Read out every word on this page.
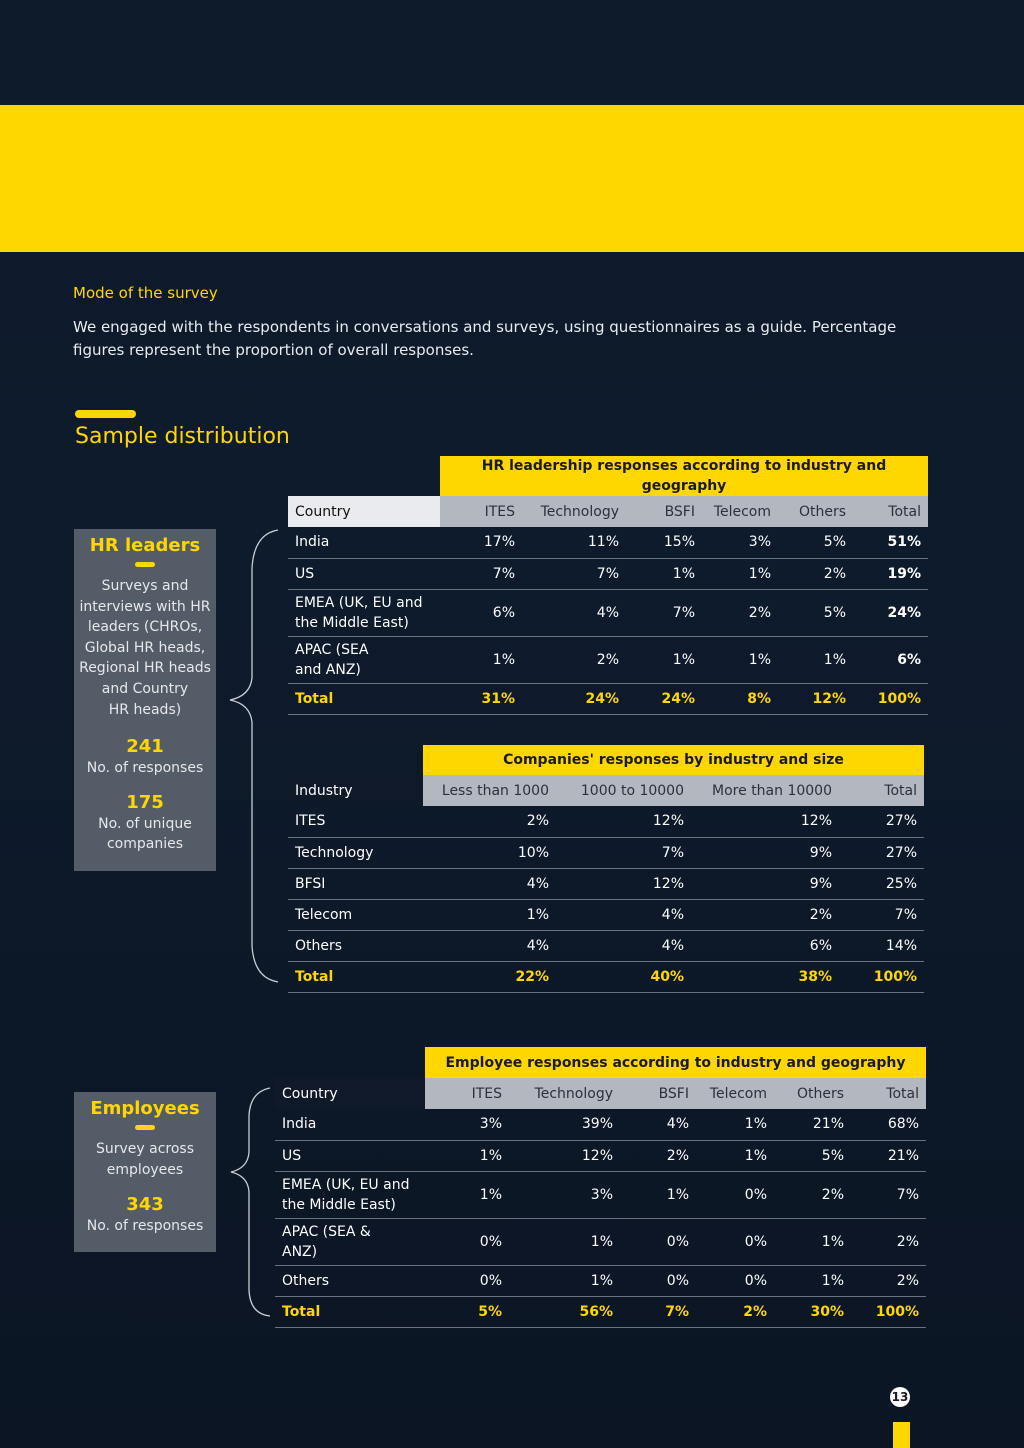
Mode of the survey
We engaged with the respondents in conversations and surveys, using questionnaires as a guide. Percentage figures represent the proportion of overall responses.
Sample distribution
HR leaders
Surveys and
interviews with HR
leaders (CHROs,
Global HR heads,
Regional HR heads
and Country
HR heads)
241
No. of responses
175
No. of unique
companies
Employees
Survey across
employees
343
No. of responses
	HR leadership responses according to industry and geography					
Country	ITES	Technology	BSFI	Telecom	Others	Total
India	17%	11%	15%	3%	5%	51%
US	7%	7%	1%	1%	2%	19%

EMEA (UK, EU and
the Middle East)	6%	4%	7%	2%	5%	24%

APAC (SEA
and ANZ)	1%	2%	1%	1%	1%	6%
Total	31%	24%	24%	8%	12%	100%
	Companies' responses by industry and size			
Industry	Less than 1000	1000 to 10000	More than 10000	Total
ITES	2%	12%	12%	27%
Technology	10%	7%	9%	27%
BFSI	4%	12%	9%	25%
Telecom	1%	4%	2%	7%
Others	4%	4%	6%	14%
Total	22%	40%	38%	100%
	Employee responses according to industry and geography					
Country	ITES	Technology	BSFI	Telecom	Others	Total
India	3%	39%	4%	1%	21%	68%
US	1%	12%	2%	1%	5%	21%

EMEA (UK, EU and
the Middle East)	1%	3%	1%	0%	2%	7%

APAC (SEA &
ANZ)	0%	1%	0%	0%	1%	2%
Others	0%	1%	0%	0%	1%	2%
Total	5%	56%	7%	2%	30%	100%
13
